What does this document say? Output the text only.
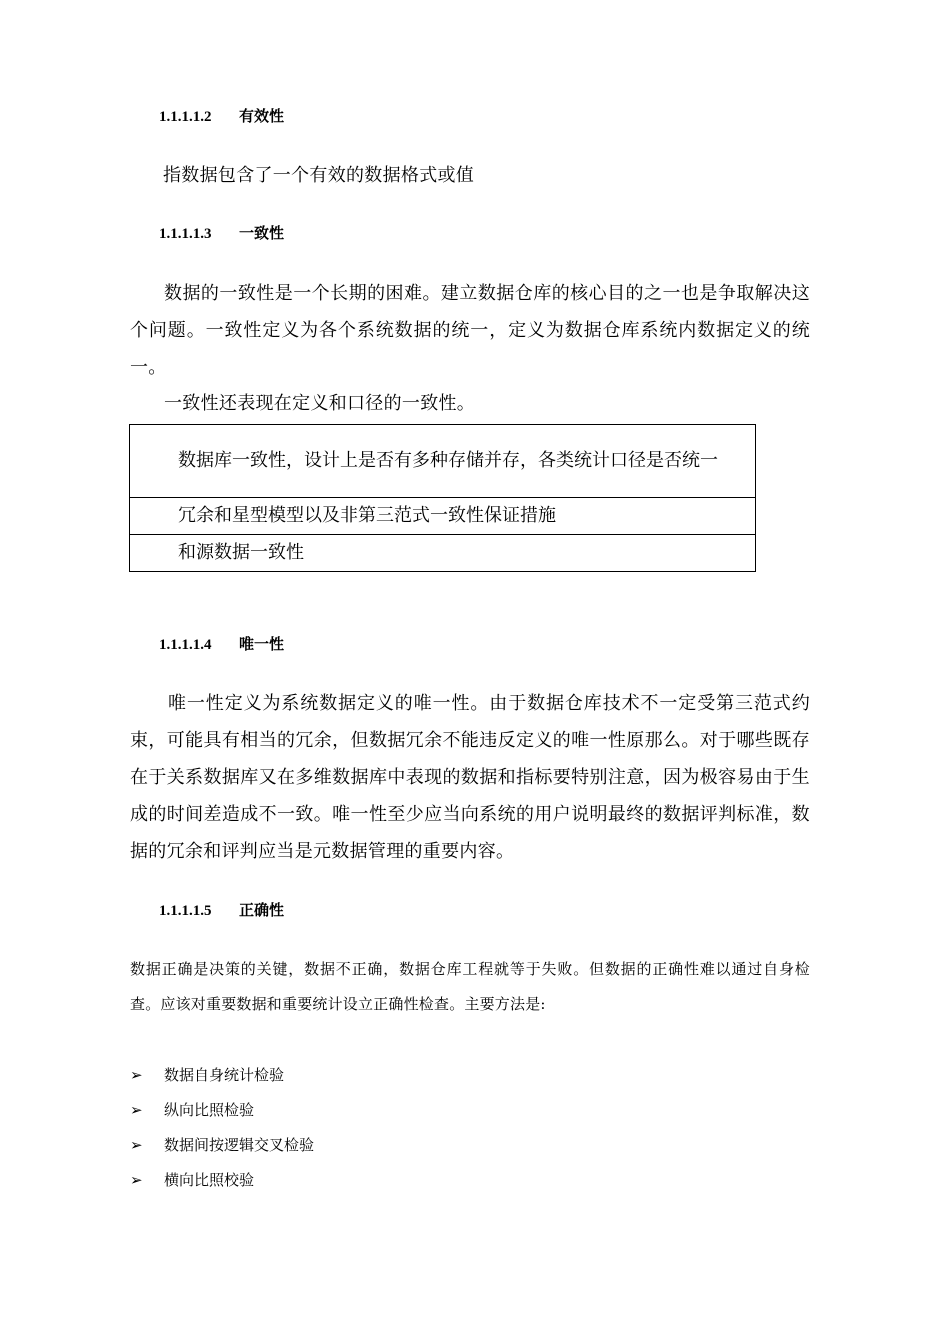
1.1.1.1.2 有效性
指数据包含了一个有效的数据格式或值
1.1.1.1.3 一致性
数据的一致性是一个长期的困难。建立数据仓库的核心目的之一也是争取解决这个问题。一致性定义为各个系统数据的统一，定义为数据仓库系统内数据定义的统一。
一致性还表现在定义和口径的一致性。
数据库一致性，设计上是否有多种存储并存，各类统计口径是否统一

冗余和星型模型以及非第三范式一致性保证措施

和源数据一致性
1.1.1.1.4 唯一性
唯一性定义为系统数据定义的唯一性。由于数据仓库技术不一定受第三范式约束，可能具有相当的冗余，但数据冗余不能违反定义的唯一性原那么。对于哪些既存在于关系数据库又在多维数据库中表现的数据和指标要特别注意，因为极容易由于生成的时间差造成不一致。唯一性至少应当向系统的用户说明最终的数据评判标准，数据的冗余和评判应当是元数据管理的重要内容。
1.1.1.1.5 正确性
数据正确是决策的关键，数据不正确，数据仓库工程就等于失败。但数据的正确性难以通过自身检查。应该对重要数据和重要统计设立正确性检查。主要方法是:
➢	数据自身统计检验
➢	纵向比照检验
➢	数据间按逻辑交叉检验
➢	横向比照校验
